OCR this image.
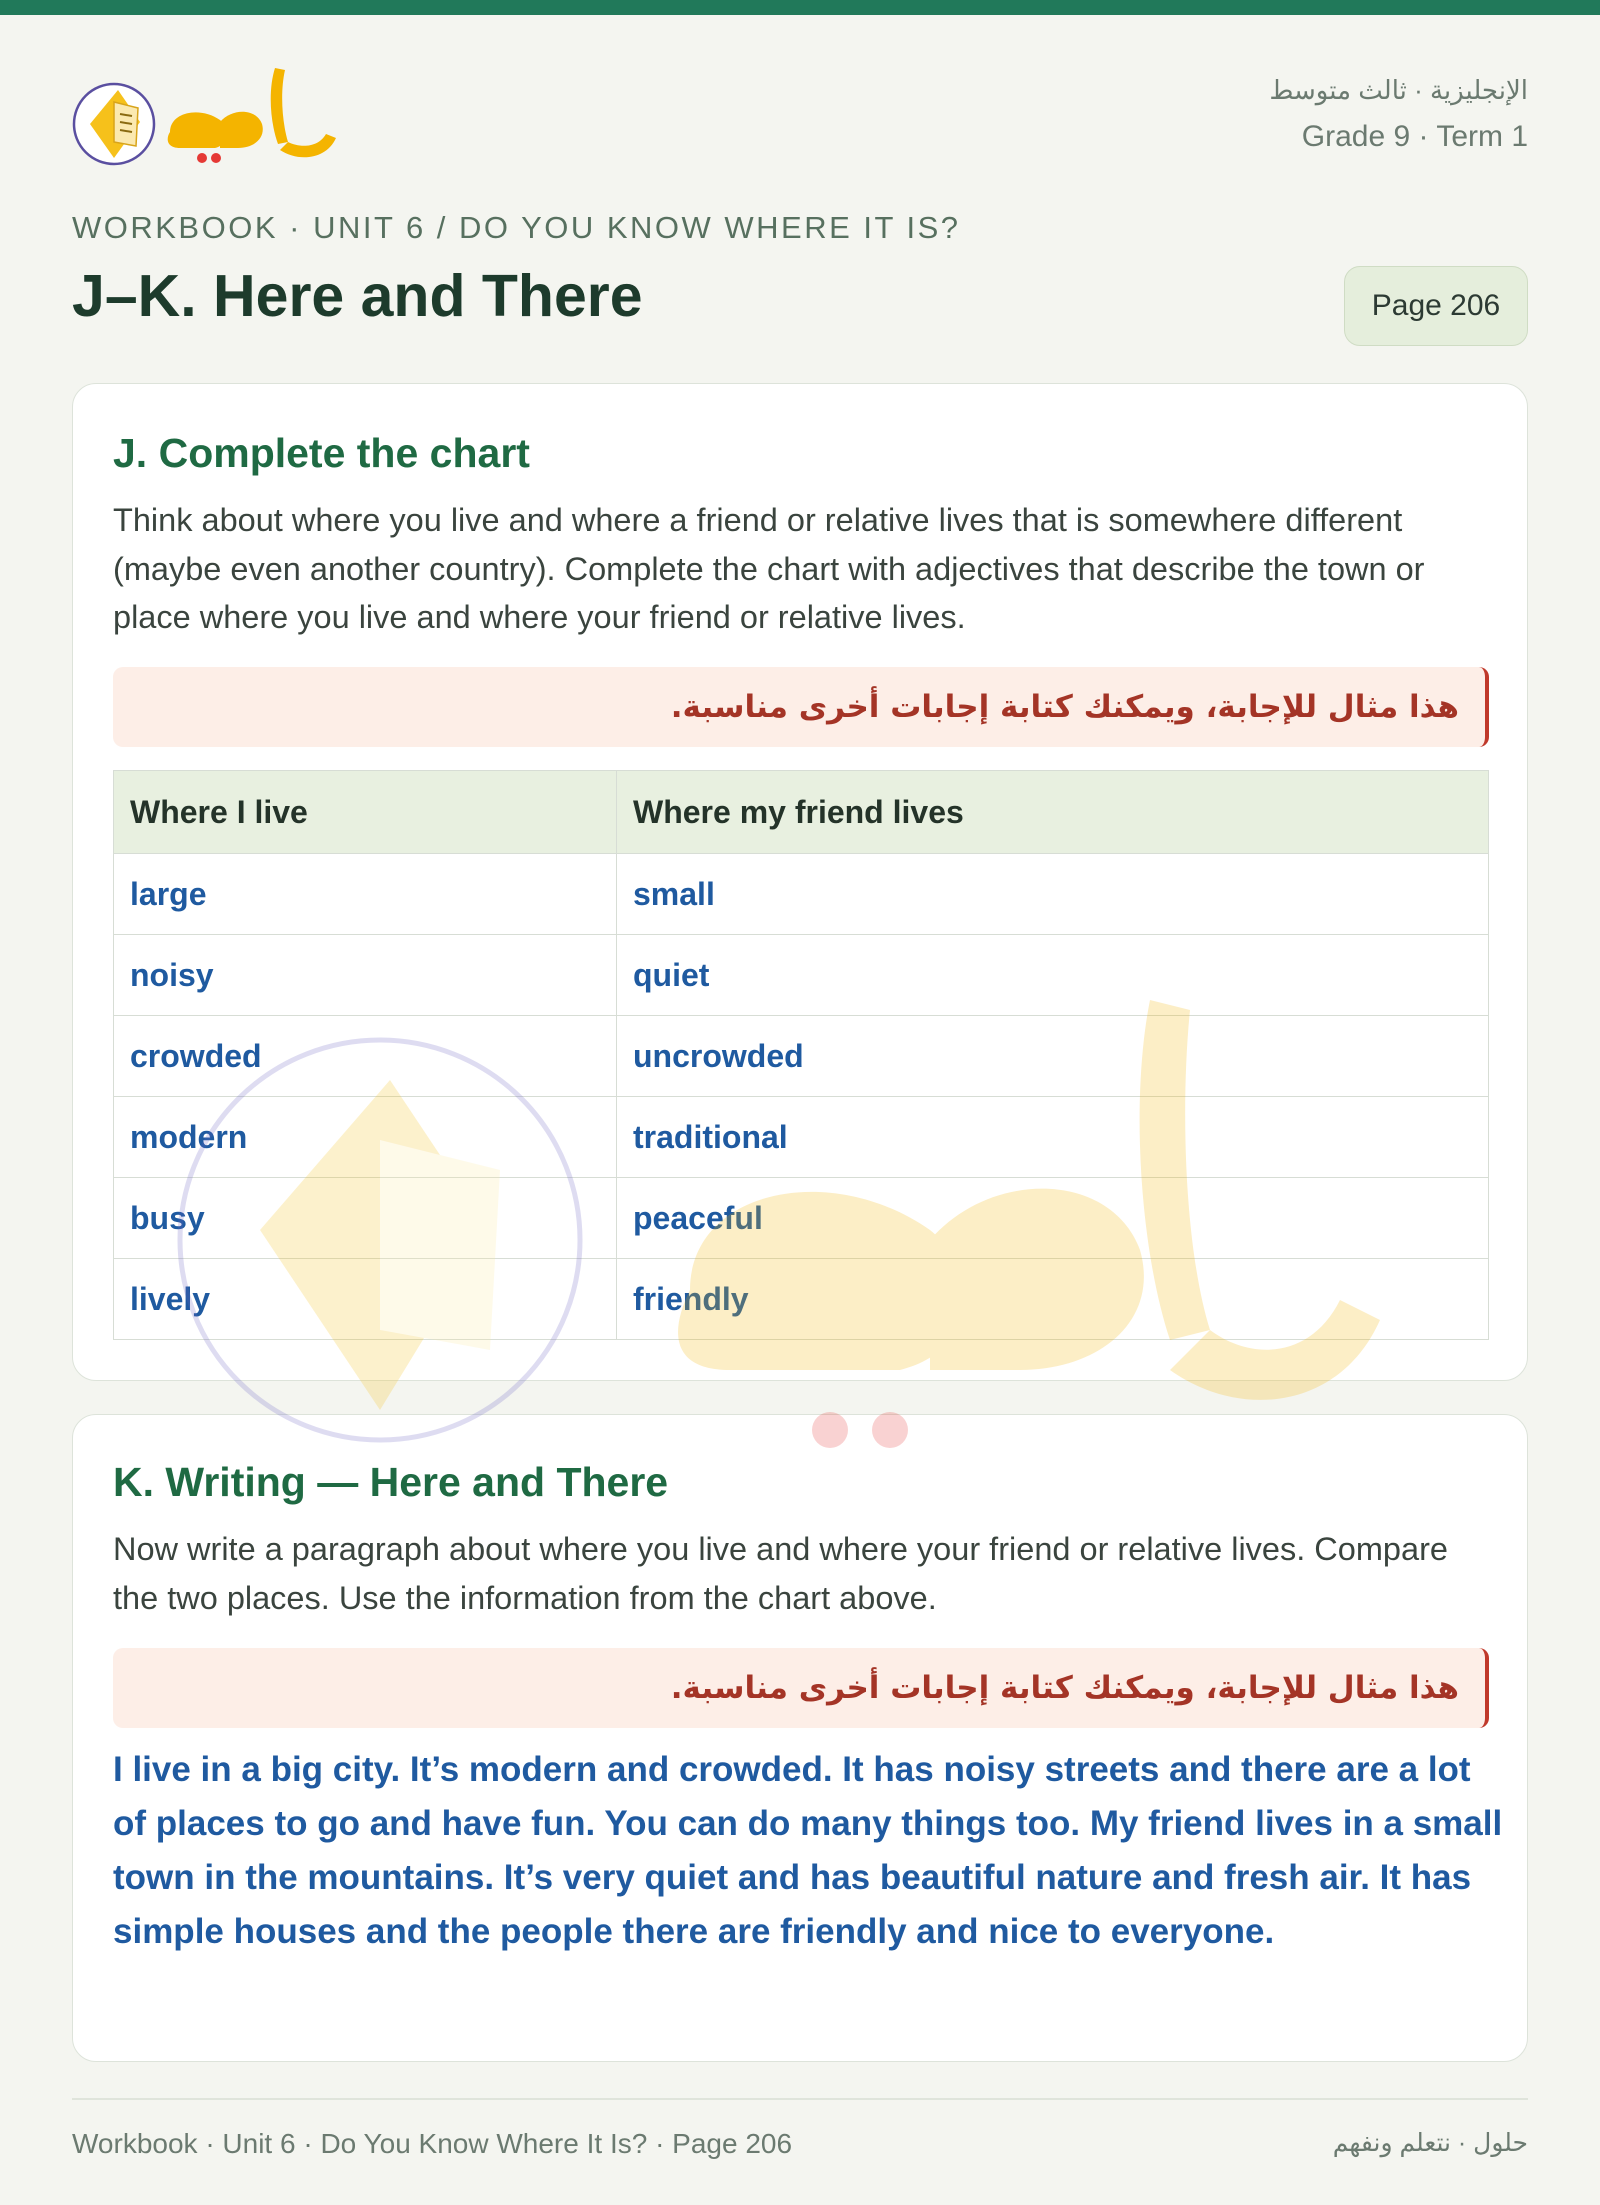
الإنجليزية · ثالث متوسط
Grade 9 · Term 1
WORKBOOK · UNIT 6 / DO YOU KNOW WHERE IT IS?
J–K. Here and There	Page 206
J. Complete the chart

Think about where you live and where a friend or relative lives that is somewhere different (maybe even another country). Complete the chart with adjectives that describe the town or place where you live and where your friend or relative lives.

هذا مثال للإجابة، ويمكنك كتابة إجابات أخرى مناسبة.
Where I live	Where my friend lives
large	small
noisy	quiet
crowded	uncrowded
modern	traditional
busy	peaceful
lively	friendly
K. Writing — Here and There

Now write a paragraph about where you live and where your friend or relative lives. Compare the two places. Use the information from the chart above.

هذا مثال للإجابة، ويمكنك كتابة إجابات أخرى مناسبة.

I live in a big city. It’s modern and crowded. It has noisy streets and there are a lot of places to go and have fun. You can do many things too. My friend lives in a small town in the mountains. It’s very quiet and has beautiful nature and fresh air. It has simple houses and the people there are friendly and nice to everyone.

Workbook · Unit 6 · Do You Know Where It Is? · Page 206	حلول · نتعلم ونفهم
